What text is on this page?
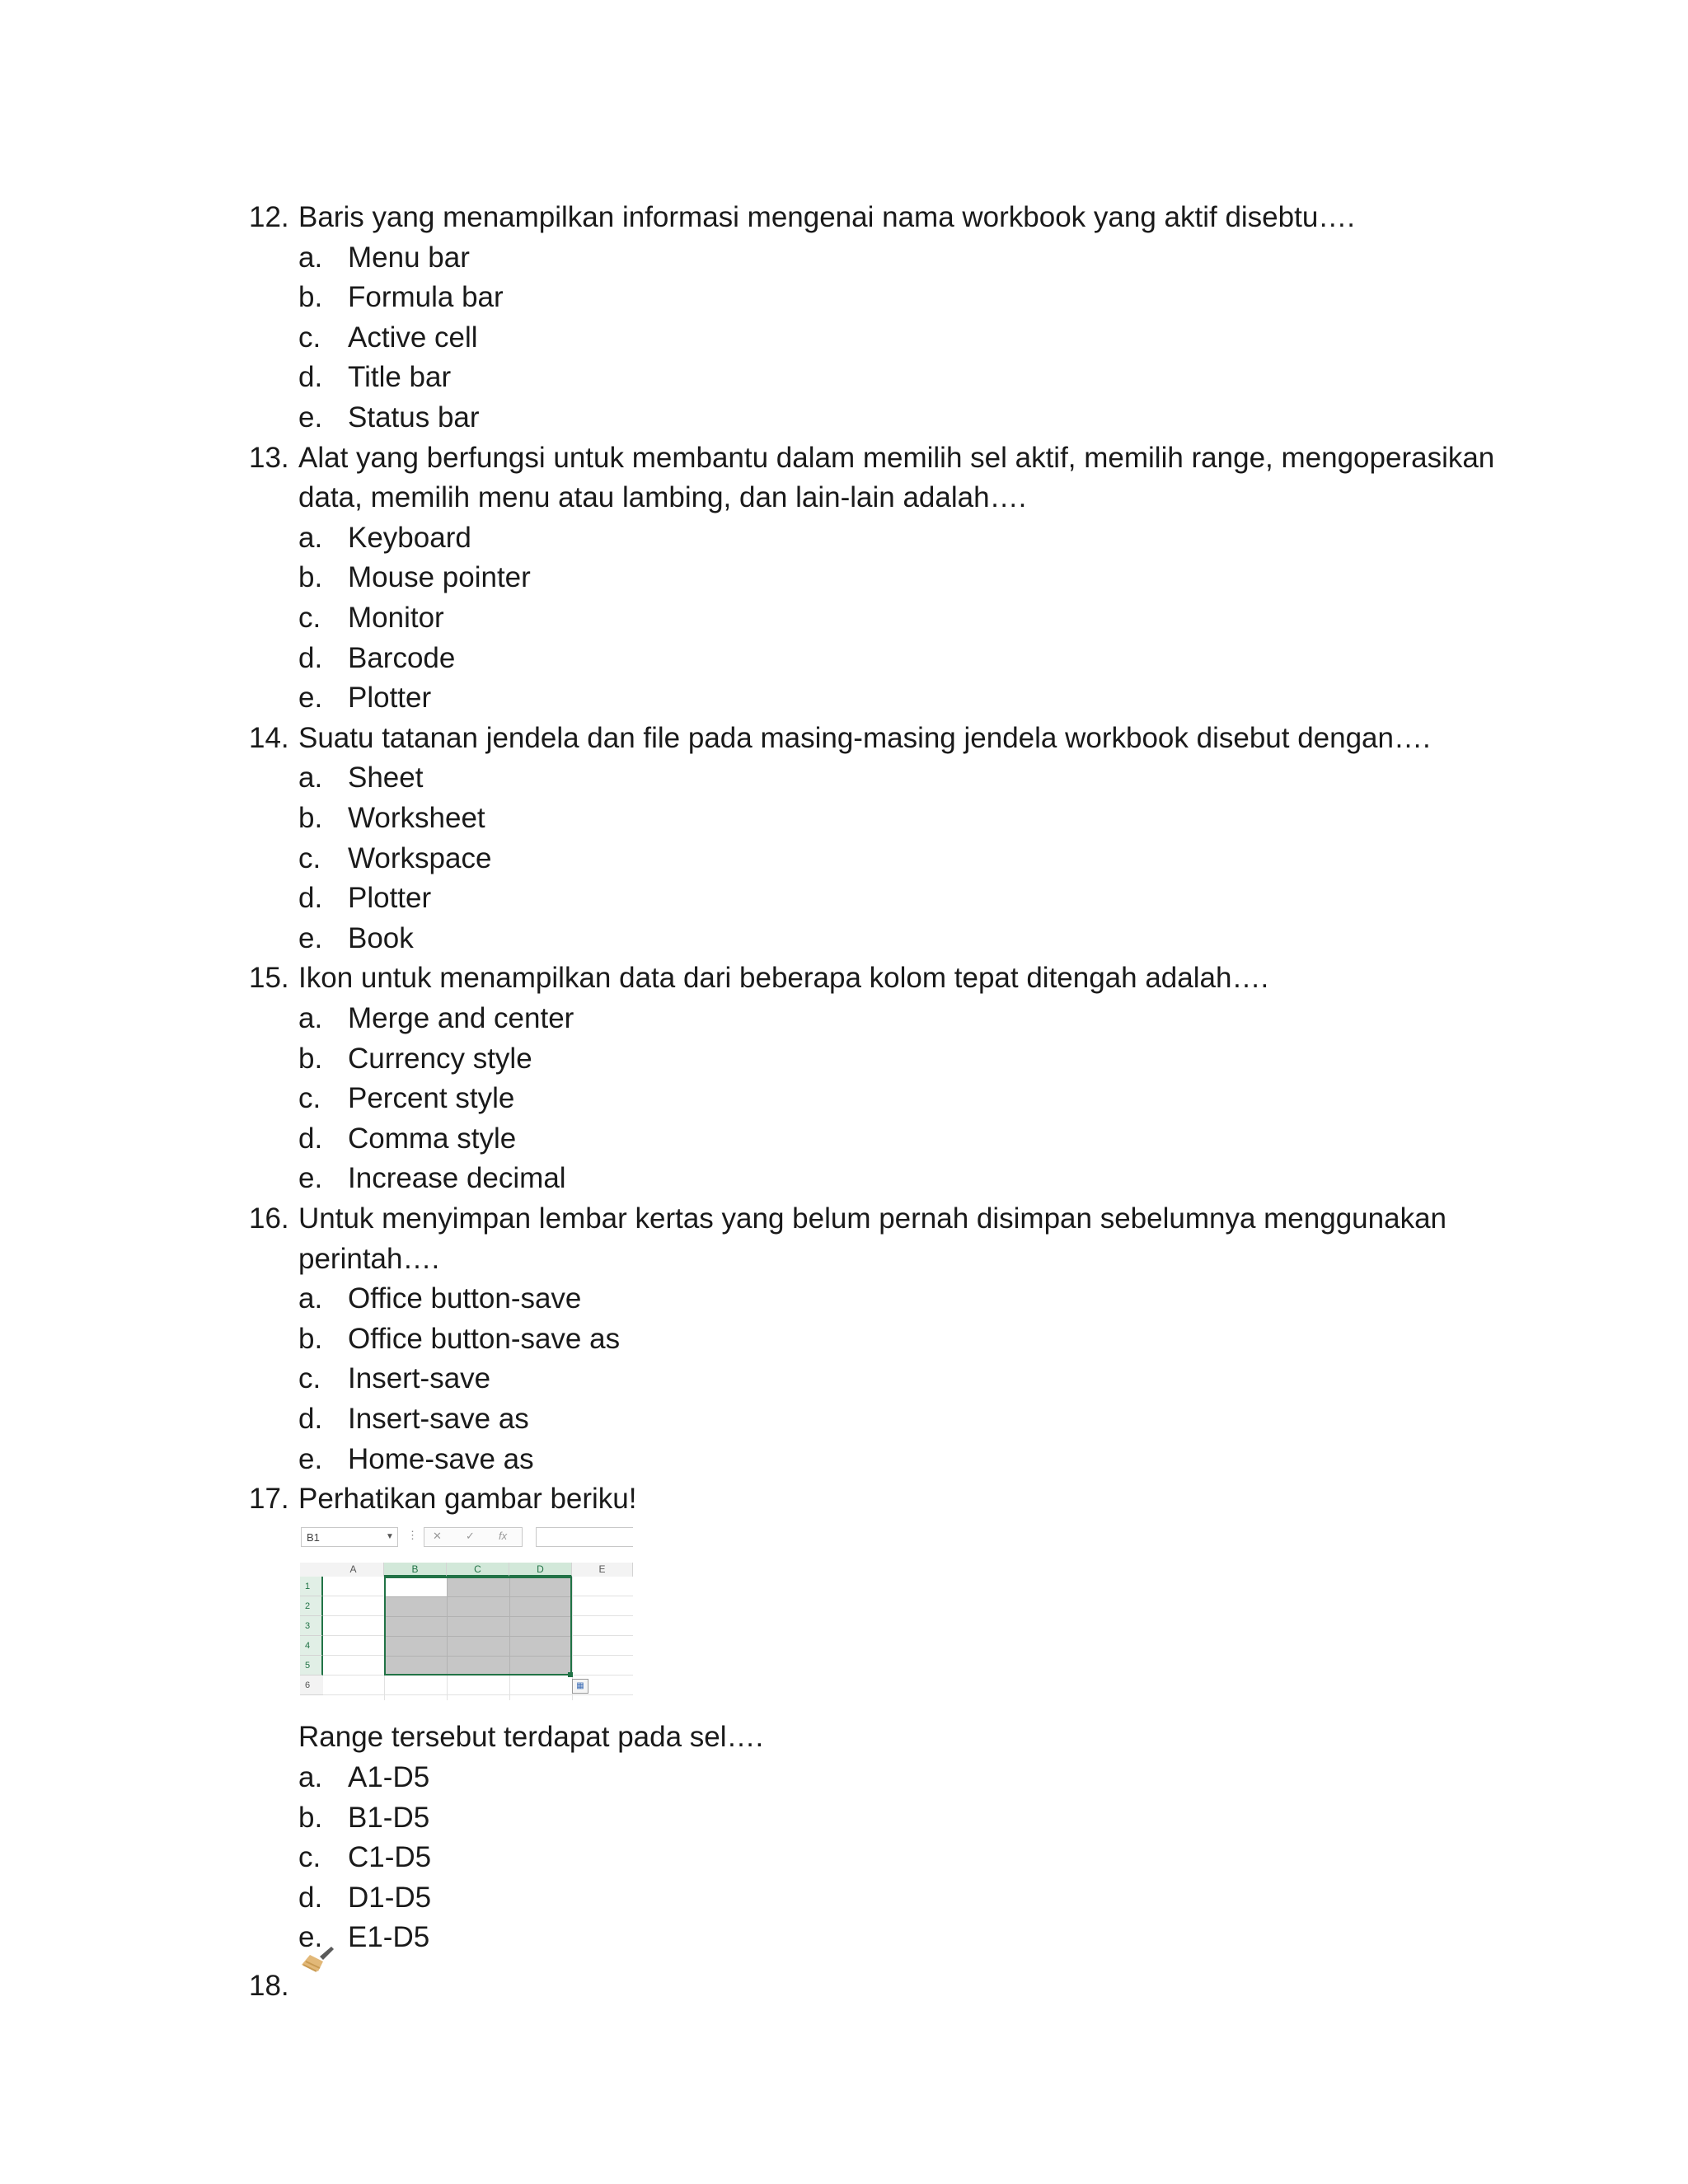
12. Baris yang menampilkan informasi mengenai nama workbook yang aktif disebtu….
a. Menu bar
b. Formula bar
c. Active cell
d. Title bar
e. Status bar
13. Alat yang berfungsi untuk membantu dalam memilih sel aktif, memilih range, mengoperasikan
data, memilih menu atau lambing, dan lain-lain adalah….
a. Keyboard
b. Mouse pointer
c. Monitor
d. Barcode
e. Plotter
14. Suatu tatanan jendela dan file pada masing-masing jendela workbook disebut dengan….
a. Sheet
b. Worksheet
c. Workspace
d. Plotter
e. Book
15. Ikon untuk menampilkan data dari beberapa kolom tepat ditengah adalah….
a. Merge and center
b. Currency style
c. Percent style
d. Comma style
e. Increase decimal
16. Untuk menyimpan lembar kertas yang belum pernah disimpan sebelumnya menggunakan
perintah….
a. Office button-save
b. Office button-save as
c. Insert-save
d. Insert-save as
e. Home-save as
17. Perhatikan gambar beriku!
B1	▼ ⋮ ✕ ✓ fx
A	B	C	D	E
1
2
3
4
5
6	▦
Range tersebut terdapat pada sel….
a. A1-D5
b. B1-D5
c. C1-D5
d. D1-D5
e. E1-D5
18.
